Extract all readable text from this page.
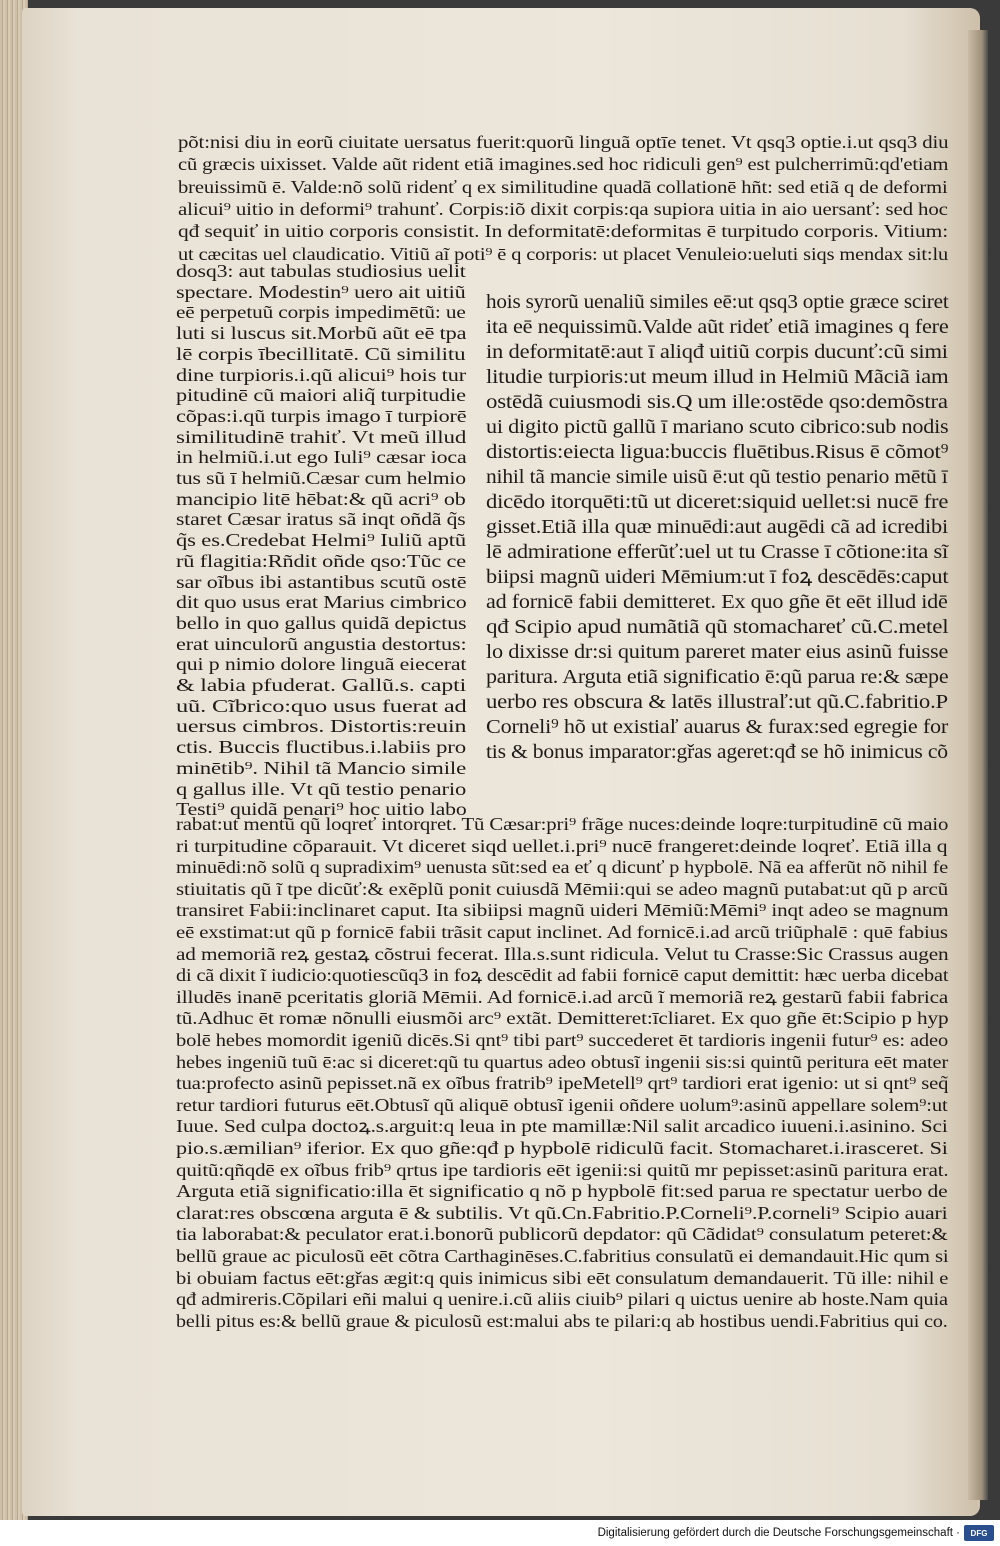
põt:nisi diu in eorũ ciuitate uersatus fuerit:quorũ linguã optīe tenet. Vt qsq3 optie.i.ut qsq3 diu
cũ græcis uixisset. Valde aũt rident etiã imagines.sed hoc ridiculi gen⁹ est pulcherrimũ:qd'etiam
breuissimũ ē. Valde:nõ solũ ridenť q ex similitudine quadã collationē hñt: sed etiã q de deformi
alicui⁹ uitio in deformi⁹ trahunť. Corpis:iõ dixit corpis:qa supiora uitia in aio uersanť: sed hoc
qđ sequiť in uitio corporis consistit. In deformitatē:deformitas ē turpitudo corporis. Vitium:
ut cæcitas uel claudicatio. Vitiũ aĩ poti⁹ ē q corporis: ut placet Venuleio:ueluti siqs mendax sit:lu
dosq3: aut tabulas studiosius uelit
spectare. Modestin⁹ uero ait uitiũ
eē perpetuũ corpis impedimētũ: ue
luti si luscus sit.Morbũ aũt eē tpa
lē corpis ībecillitatē. Cũ similitu
dine turpioris.i.qũ alicui⁹ hois tur
pitudinē cũ maiori aliq̃ turpitudie
cõpas:i.qũ turpis imago ī turpiorē
similitudinē trahiť. Vt meũ illud
in helmiũ.i.ut ego Iuli⁹ cæsar ioca
tus sũ ī helmiũ.Cæsar cum helmio
mancipio litē hēbat:& qũ acri⁹ ob
staret Cæsar iratus sã inqt oñdã q̃s
q̃s es.Credebat Helmi⁹ Iuliũ aptũ
rũ flagitia:Rñdit oñde qso:Tũc ce
sar oĩbus ibi astantibus scutũ ostē
dit quo usus erat Marius cimbrico
bello in quo gallus quidã depictus
erat uinculorũ angustia destortus:
qui p nimio dolore linguã eiecerat
& labia pfuderat. Gallũ.s. capti
uũ. Cĩbrico:quo usus fuerat ad
uersus cimbros. Distortis:reuin
ctis. Buccis fluctibus.i.labiis pro
minētib⁹. Nihil tã Mancio simile
q gallus ille. Vt qũ testio penario
Testi⁹ quidã penari⁹ hoc uitio labo
hois syrorũ uenaliũ similes eē:ut qsq3 optie græce sciret
ita eē nequissimũ.Valde aũt rideť etiã imagines q fere
in deformitatē:aut ī aliqđ uitiũ corpis ducunť:cũ simi
litudie turpioris:ut meum illud in Helmiũ Mãciã iam
ostēdã cuiusmodi sis.Q um ille:ostēde qso:demõstra
ui digito pictũ gallũ ī mariano scuto cibrico:sub nodis
distortis:eiecta ligua:buccis fluētibus.Risus ē cõmot⁹
nihil tã mancie simile uisũ ē:ut qũ testio penario mētũ ī
dicēdo itorquēti:tũ ut diceret:siquid uellet:si nucē fre
gisset.Etiã illa quæ minuēdi:aut augēdi cã ad icredibi
lē admiratione efferũť:uel ut tu Crasse ī cõtione:ita sĩ
biipsi magnũ uideri Mēmium:ut ī foꝝ descēdēs:caput
ad fornicē fabii demitteret. Ex quo gñe ēt eēt illud idē
qđ Scipio apud numãtiã qũ stomachareť cũ.C.metel
lo dixisse dr:si quitum pareret mater eius asinũ fuisse
paritura. Arguta etiã significatio ē:qũ parua re:& sæpe
uerbo res obscura & latēs illustraľ:ut qũ.C.fabritio.P
Corneli⁹ hõ ut existiaľ auarus & furax:sed egregie for
tis & bonus imparator:gřas ageret:qđ se hõ inimicus cõ
rabat:ut mentũ qũ loqreť intorqret. Tũ Cæsar:pri⁹ frãge nuces:deinde loqre:turpitudinē cũ maio
ri turpitudine cõparauit. Vt diceret siqd uellet.i.pri⁹ nucē frangeret:deinde loqreť. Etiã illa q
minuēdi:nõ solũ q supradixim⁹ uenusta sũt:sed ea eť q dicunť p hypbolē. Nã ea afferũt nõ nihil fe
stiuitatis qũ ĩ tpe dicũť:& exẽplũ ponit cuiusdã Mēmii:qui se adeo magnũ putabat:ut qũ p arcũ
transiret Fabii:inclinaret caput. Ita sibiipsi magnũ uideri Mēmiũ:Mēmi⁹ inqt adeo se magnum
eē exstimat:ut qũ p fornicē fabii trãsit caput inclinet. Ad fornicē.i.ad arcũ triũphalē : quē fabius
ad memoriã reꝝ gestaꝝ cõstrui fecerat. Illa.s.sunt ridicula. Velut tu Crasse:Sic Crassus augen
di cã dixit ĩ iudicio:quotiescũq3 in foꝝ descēdit ad fabii fornicē caput demittit: hæc uerba dicebat
illudēs inanē pceritatis gloriã Mēmii. Ad fornicē.i.ad arcũ ĩ memoriã reꝝ gestarũ fabii fabrica
tũ.Adhuc ēt romæ nõnulli eiusmõi arc⁹ extãt. Demitteret:īcliaret. Ex quo gñe ēt:Scipio p hyp
bolē hebes momordit igeniũ dicēs.Si qnt⁹ tibi part⁹ succederet ēt tardioris ingenii futur⁹ es: adeo
hebes ingeniũ tuũ ē:ac si diceret:qũ tu quartus adeo obtusĩ ingenii sis:si quintũ peritura eēt mater
tua:profecto asinũ pepisset.nã ex oĩbus fratrib⁹ ipeMetell⁹ qrt⁹ tardiori erat igenio: ut si qnt⁹ seq̃
retur tardiori futurus eēt.Obtusĩ qũ aliquē obtusĩ igenii oñdere uolum⁹:asinũ appellare solem⁹:ut
Iuue. Sed culpa doctoꝝ.s.arguit:q leua in pte mamillæ:Nil salit arcadico iuueni.i.asinino. Sci
pio.s.æmilian⁹ iferior. Ex quo gñe:qđ p hypbolē ridiculũ facit. Stomacharet.i.irasceret. Si
quitũ:qñqdē ex oĩbus frib⁹ qrtus ipe tardioris eēt igenii:si quitũ mr pepisset:asinũ paritura erat.
Arguta etiã significatio:illa ēt significatio q nõ p hypbolē fit:sed parua re spectatur uerbo de
clarat:res obscœna arguta ē & subtilis. Vt qũ.Cn.Fabritio.P.Corneli⁹.P.corneli⁹ Scipio auari
tia laborabat:& peculator erat.i.bonorũ publicorũ depdator: qũ Cãdidat⁹ consulatum peteret:&
bellũ graue ac piculosũ eēt cõtra Carthaginēses.C.fabritius consulatũ ei demandauit.Hic qum si
bi obuiam factus eēt:gřas ægit:q quis inimicus sibi eēt consulatum demandauerit. Tũ ille: nihil e
qđ admireris.Cõpilari eñi malui q uenire.i.cũ aliis ciuib⁹ pilari q uictus uenire ab hoste.Nam quia
belli pitus es:& bellũ graue & piculosũ est:malui abs te pilari:q ab hostibus uendi.Fabritius qui co.
Digitalisierung gefördert durch die Deutsche Forschungsgemeinschaft ·	DFG
